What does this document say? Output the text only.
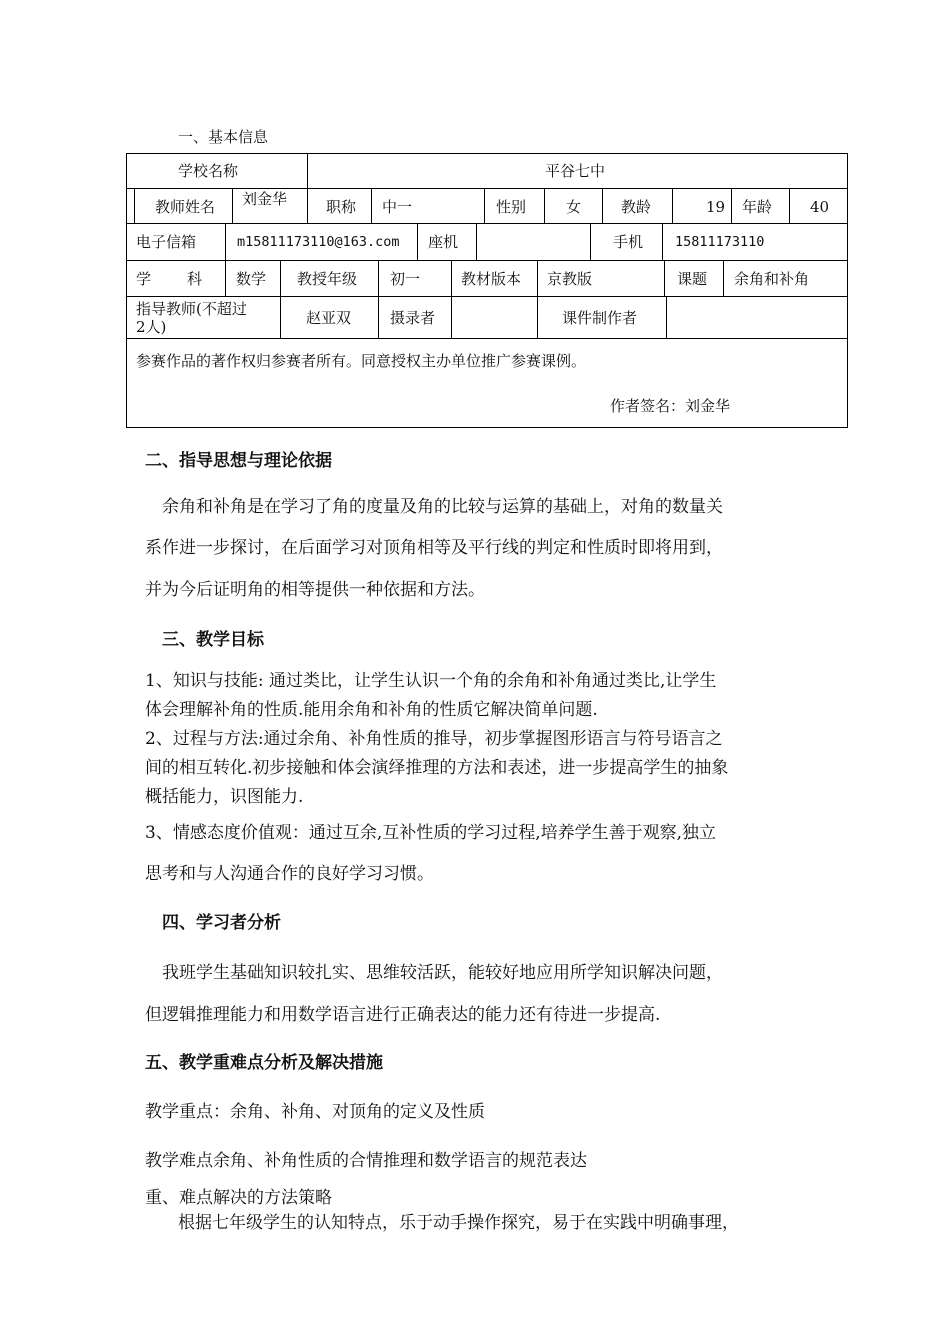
一、基本信息
学校名称	平谷七中
教师姓名 刘金华	职称 中一	性别	女	教龄	19 年龄	40
电子信箱	m15811173110@163.com 座机	手机 15811173110
学　　科 数学 教授年级 初一	教材版本 京教版	课题 余角和补角
指导教师(不超过
2人)	赵亚双	摄录者	课件制作者
参赛作品的著作权归参赛者所有。同意授权主办单位推广参赛课例。
作者签名：刘金华
二、指导思想与理论依据
余角和补角是在学习了角的度量及角的比较与运算的基础上，对角的数量关
系作进一步探讨，在后面学习对顶角相等及平行线的判定和性质时即将用到，
并为今后证明角的相等提供一种依据和方法。
三、教学目标
1、知识与技能: 通过类比，让学生认识一个角的余角和补角通过类比,让学生
体会理解补角的性质.能用余角和补角的性质它解决简单问题.
2、过程与方法:通过余角、补角性质的推导，初步掌握图形语言与符号语言之
间的相互转化.初步接触和体会演绎推理的方法和表述，进一步提高学生的抽象
概括能力，识图能力.
3、情感态度价值观：通过互余,互补性质的学习过程,培养学生善于观察,独立
思考和与人沟通合作的良好学习习惯。
四、学习者分析
我班学生基础知识较扎实、思维较活跃，能较好地应用所学知识解决问题，
但逻辑推理能力和用数学语言进行正确表达的能力还有待进一步提高.
五、教学重难点分析及解决措施
教学重点：余角、补角、对顶角的定义及性质
教学难点余角、补角性质的合情推理和数学语言的规范表达
重、难点解决的方法策略
根据七年级学生的认知特点，乐于动手操作探究，易于在实践中明确事理，
